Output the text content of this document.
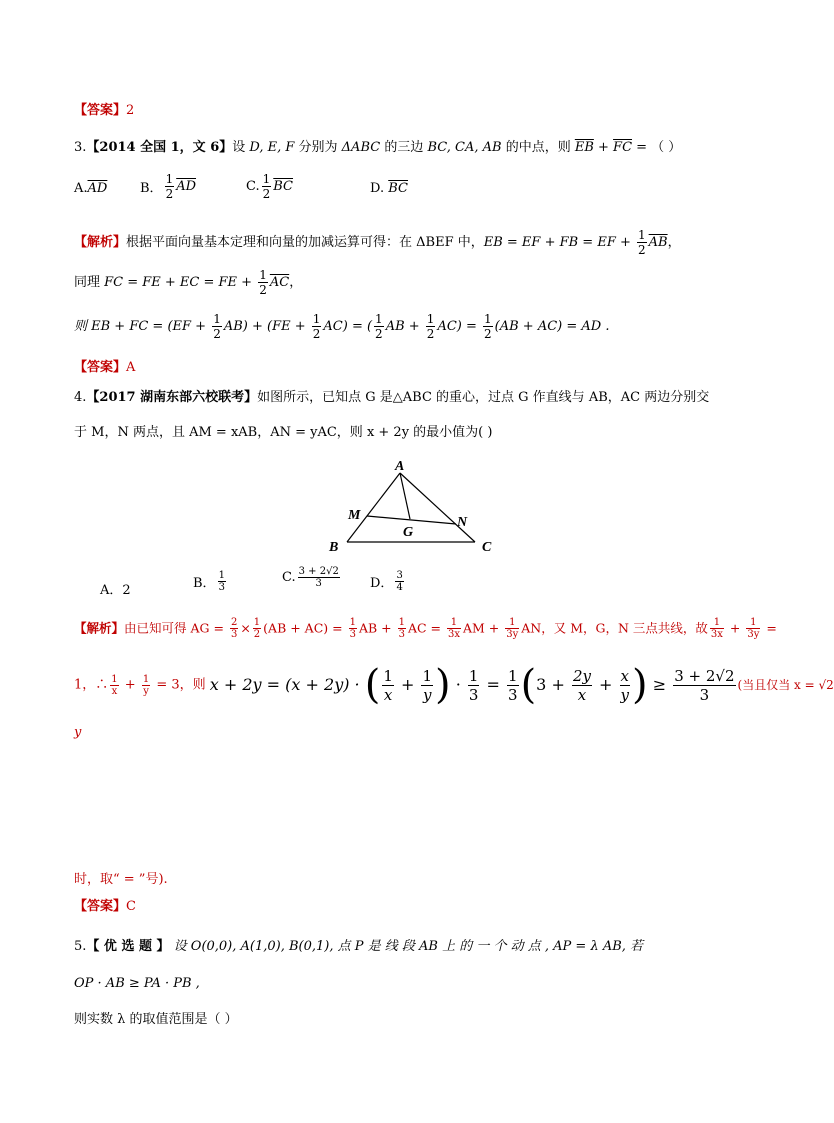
【答案】2
3.【2014 全国 1，文 6】设 D, E, F 分别为 ΔABC 的三边 BC, CA, AB 的中点，则 $\overline{EB} + \overline{FC}$ = （ ）
$A.\overline{AD}$	B． $\frac{1}{2} \overline{AD}$	C. $\frac{1}{2} \overline{BC}$	D. $\overline{BC}$
【解析】根据平面向量基本定理和向量的加减运算可得：在 ΔBEF 中，EB = EF + FB = EF + $\frac{1}{2} \overline{AB}$，
同理 FC = FE + EC = FE + $\frac{1}{2} \overline{AC}$，
则 EB + FC = $(EF + \frac{1}{2} AB) + (FE + \frac{1}{2} AC)$ = ( $\frac{1}{2}$ AB + $\frac{1}{2} AC) = \frac{1}{2} (AB + AC)$ = AD .
【答案】A
4.【2017 湖南东部六校联考】如图所示，已知点 G 是△ABC 的重心，过点 G 作直线与 AB，AC 两边分别交
于 M，N 两点，且 AM = xAB，AN = yAC，则 x + 2y 的最小值为( )
A
M	N
G
B	C
A．2	B． $\frac{1}{3}$	C. $\frac{3 + 2√2}{3}$ D． $\frac{3}{4}$
【解析】由已知可得 AG = $\frac{2}{3} \times \frac{1}{2} (AB + AC) = \frac{1}{3}$ AB + $\frac{1}{3}$ AC = $\frac{1}{3x}$ AM + $\frac{1}{3y}$ AN，又 M，G，N 三点共线，故 $\frac{1}{3x} + \frac{1}{3y}$ =
1，∴ $\frac{1}{x} + \frac{1}{y} = 3$，则 x + 2y = (x + 2y) · ( $\frac{1}{x} + \frac{1}{y}$ ) · $\frac{1}{3} = \frac{1}{3} (3 + \frac{2y}{x} + \frac{x}{y}$ ) ≥ $\frac{3 + 2√2}{3}$ (当且仅当 x = √2
y
时，取“ = ”号).
【答案】C
5.【 优 选 题 】 设 O(0,0), A(1,0), B(0,1), 点 P 是 线 段 AB 上 的 一 个 动 点 , AP = λ AB, 若
OP · AB ≥ PA · PB ,
则实数 λ 的取值范围是（ ）
